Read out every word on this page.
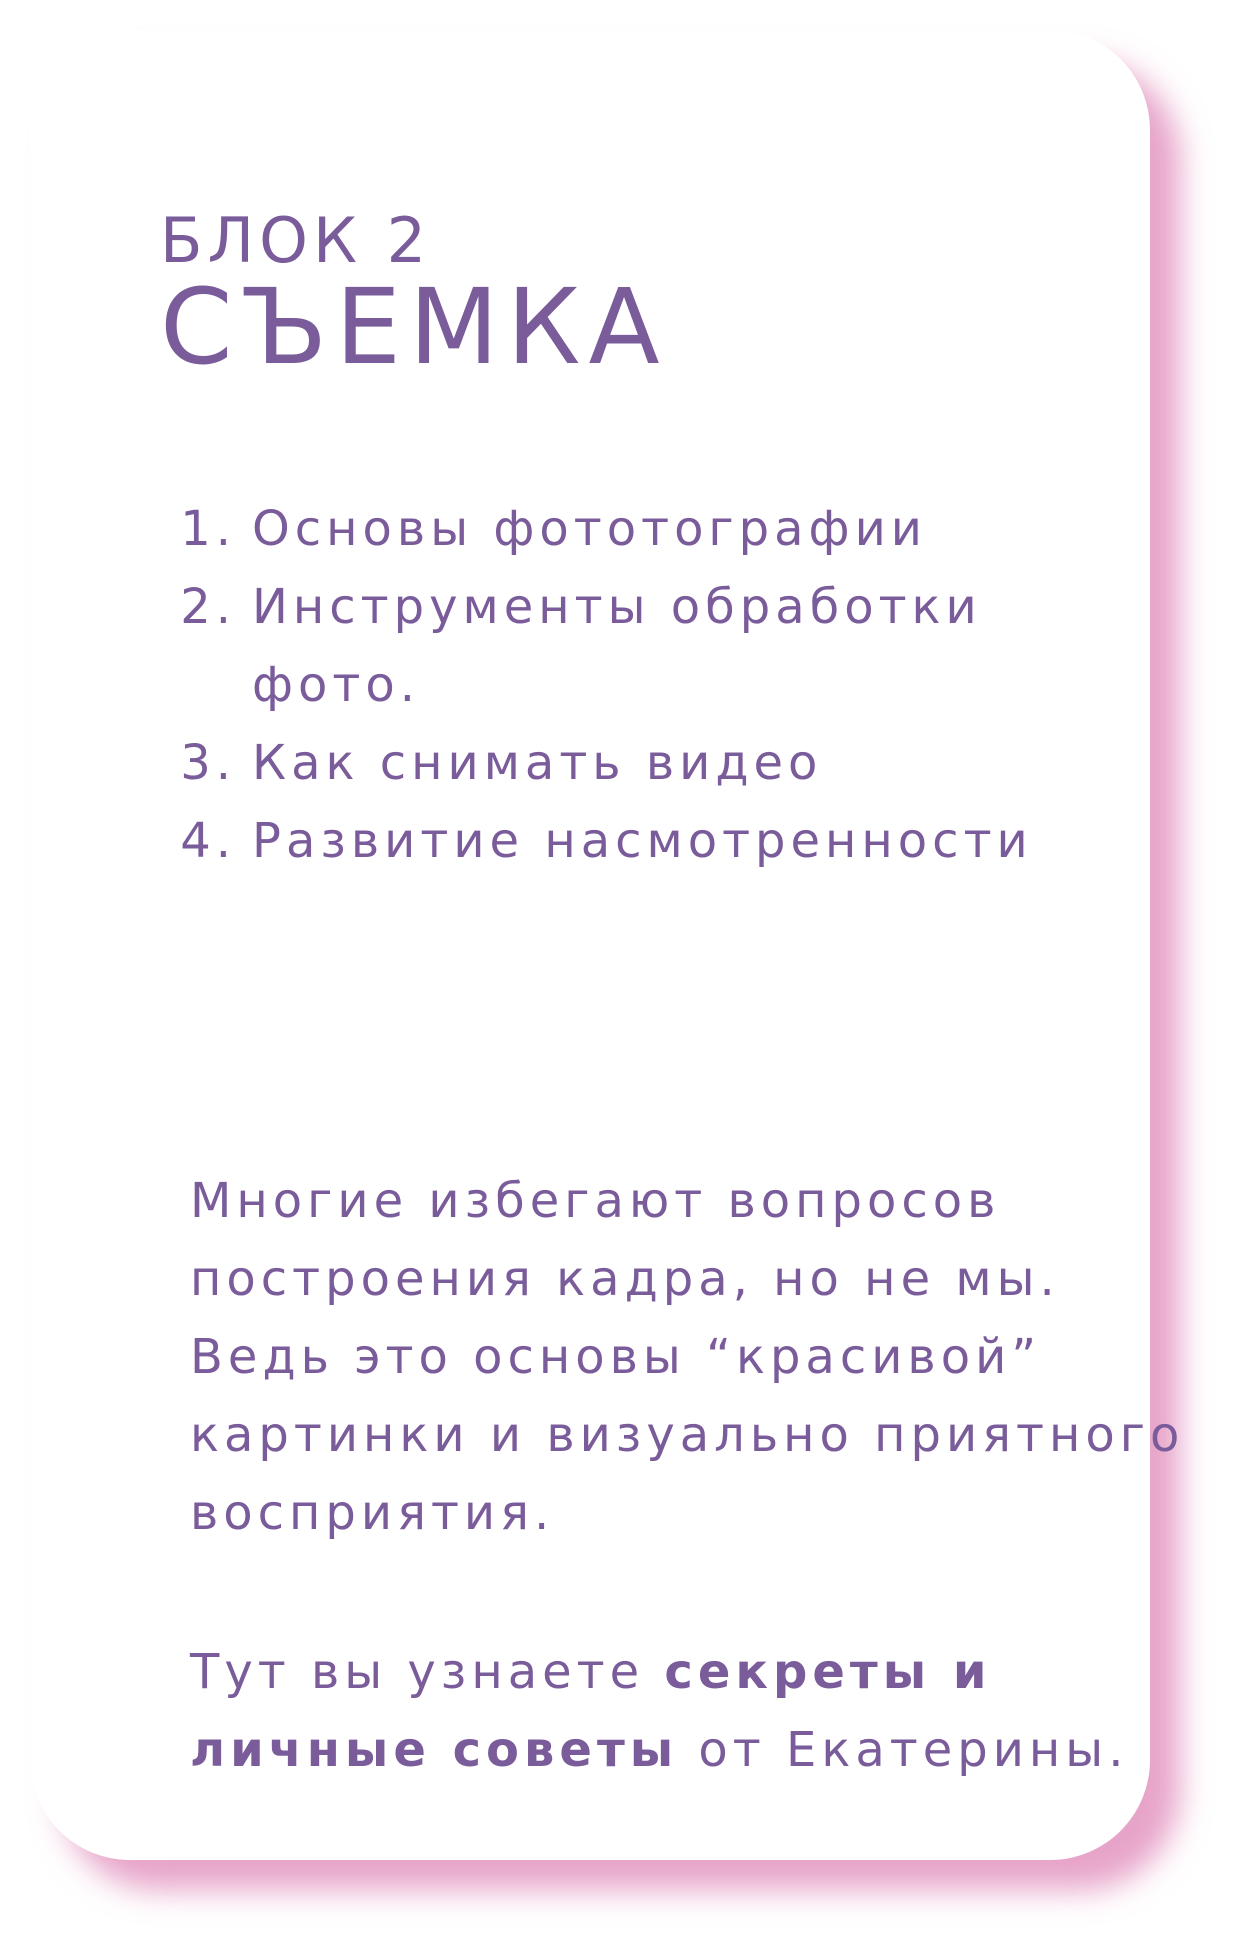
БЛОК 2
СЪЕМКА
1. Основы фототографии
2. Инструменты обработки
фото.
3. Как снимать видео
4. Развитие насмотренности

Многие избегают вопросов
построения кадра, но не мы.
Ведь это основы “красивой”
картинки и визуально приятного
восприятия.

Тут вы узнаете секреты и
личные советы от Екатерины.
